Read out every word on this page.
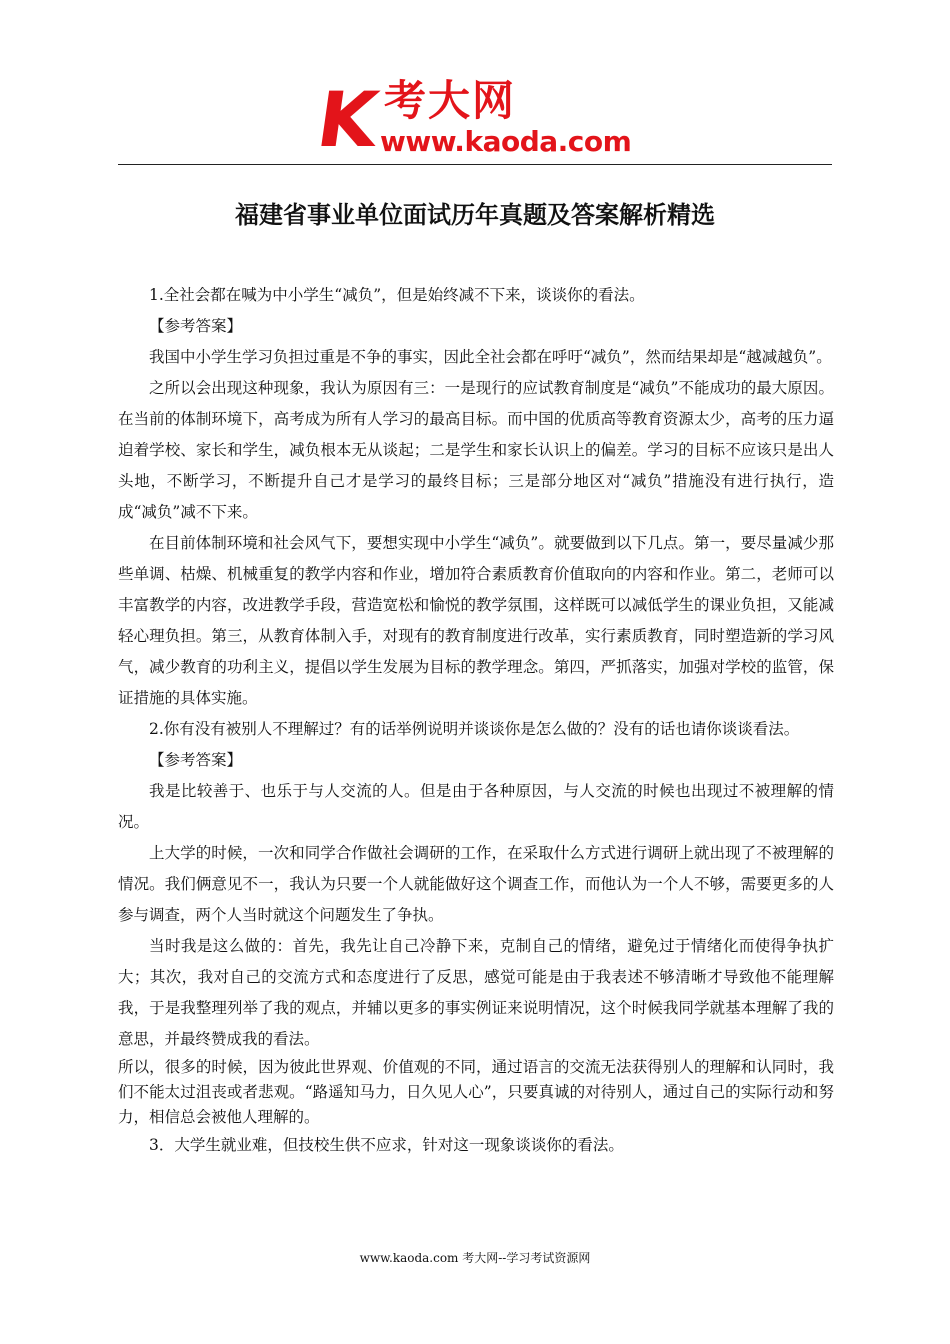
K 考大网
www.kaoda.com
福建省事业单位面试历年真题及答案解析精选

1.全社会都在喊为中小学生“减负”，但是始终减不下来，谈谈你的看法。

【参考答案】

我国中小学生学习负担过重是不争的事实，因此全社会都在呼吁“减负”，然而结果却是“越减越负”。

之所以会出现这种现象，我认为原因有三：一是现行的应试教育制度是“减负”不能成功的最大原因。在当前的体制环境下，高考成为所有人学习的最高目标。而中国的优质高等教育资源太少，高考的压力逼迫着学校、家长和学生，减负根本无从谈起；二是学生和家长认识上的偏差。学习的目标不应该只是出人头地，不断学习，不断提升自己才是学习的最终目标；三是部分地区对“减负”措施没有进行执行，造成“减负”减不下来。

在目前体制环境和社会风气下，要想实现中小学生“减负”。就要做到以下几点。第一，要尽量减少那些单调、枯燥、机械重复的教学内容和作业，增加符合素质教育价值取向的内容和作业。第二，老师可以丰富教学的内容，改进教学手段，营造宽松和愉悦的教学氛围，这样既可以减低学生的课业负担，又能减轻心理负担。第三，从教育体制入手，对现有的教育制度进行改革，实行素质教育，同时塑造新的学习风气，减少教育的功利主义，提倡以学生发展为目标的教学理念。第四，严抓落实，加强对学校的监管，保证措施的具体实施。

2.你有没有被别人不理解过？有的话举例说明并谈谈你是怎么做的？没有的话也请你谈谈看法。

【参考答案】

我是比较善于、也乐于与人交流的人。但是由于各种原因，与人交流的时候也出现过不被理解的情况。

上大学的时候，一次和同学合作做社会调研的工作，在采取什么方式进行调研上就出现了不被理解的情况。我们俩意见不一，我认为只要一个人就能做好这个调查工作，而他认为一个人不够，需要更多的人参与调查，两个人当时就这个问题发生了争执。

当时我是这么做的：首先，我先让自己冷静下来，克制自己的情绪，避免过于情绪化而使得争执扩大；其次，我对自己的交流方式和态度进行了反思，感觉可能是由于我表述不够清晰才导致他不能理解我，于是我整理列举了我的观点，并辅以更多的事实例证来说明情况，这个时候我同学就基本理解了我的意思，并最终赞成我的看法。

所以，很多的时候，因为彼此世界观、价值观的不同，通过语言的交流无法获得别人的理解和认同时，我们不能太过沮丧或者悲观。“路遥知马力，日久见人心”，只要真诚的对待别人，通过自己的实际行动和努力，相信总会被他人理解的。

3．大学生就业难，但技校生供不应求，针对这一现象谈谈你的看法。

www.kaoda.com 考大网--学习考试资源网
